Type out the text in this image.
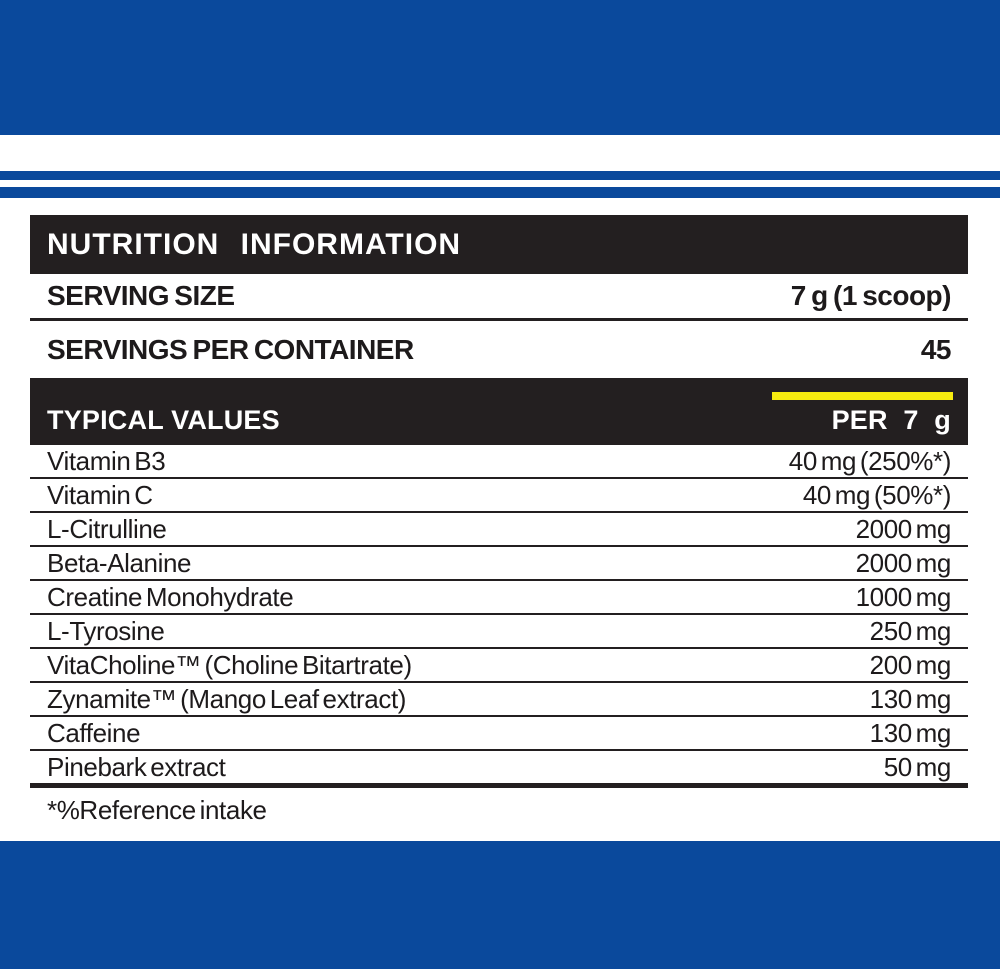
NUTRITION INFORMATION
SERVING SIZE	7 g (1 scoop)
SERVINGS PER CONTAINER	45
TYPICAL VALUES	PER 7 g
Vitamin B3	40 mg (250%*)
Vitamin C	40 mg (50%*)
L-Citrulline	2000 mg
Beta-Alanine	2000 mg
Creatine Monohydrate	1000 mg
L-Tyrosine	250 mg
VitaCholine™ (Choline Bitartrate)	200 mg
Zynamite™ (Mango Leaf extract)	130 mg
Caffeine	130 mg
Pinebark extract	50 mg
*%Reference intake
